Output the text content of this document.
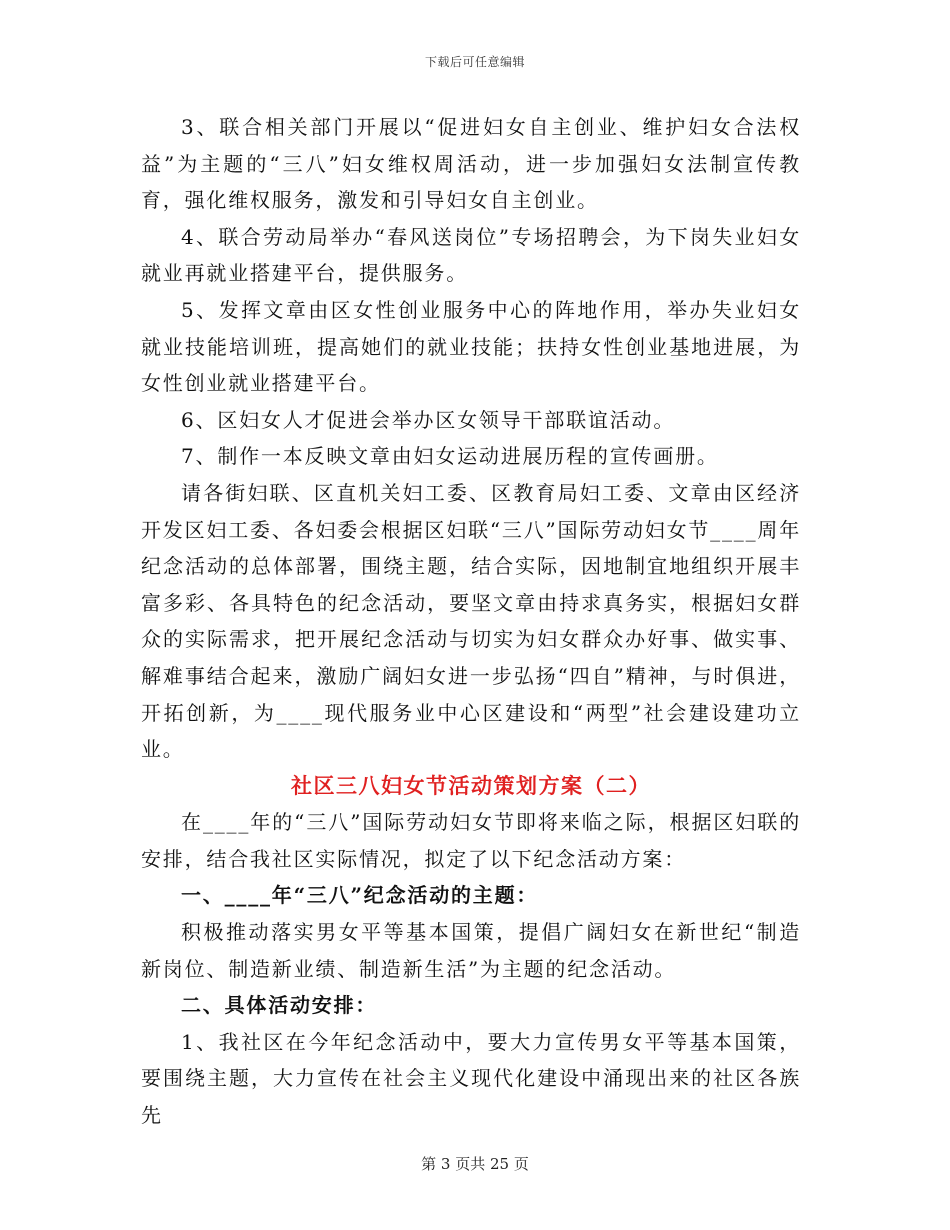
下载后可任意编辑

3、联合相关部门开展以“促进妇女自主创业、维护妇女合法权益”为主题的“三八”妇女维权周活动，进一步加强妇女法制宣传教育，强化维权服务，激发和引导妇女自主创业。

4、联合劳动局举办“春风送岗位”专场招聘会，为下岗失业妇女就业再就业搭建平台，提供服务。

5、发挥文章由区女性创业服务中心的阵地作用，举办失业妇女就业技能培训班，提高她们的就业技能；扶持女性创业基地进展，为女性创业就业搭建平台。

6、区妇女人才促进会举办区女领导干部联谊活动。

7、制作一本反映文章由妇女运动进展历程的宣传画册。

请各街妇联、区直机关妇工委、区教育局妇工委、文章由区经济开发区妇工委、各妇委会根据区妇联“三八”国际劳动妇女节____周年纪念活动的总体部署，围绕主题，结合实际，因地制宜地组织开展丰富多彩、各具特色的纪念活动，要坚文章由持求真务实，根据妇女群众的实际需求，把开展纪念活动与切实为妇女群众办好事、做实事、解难事结合起来，激励广阔妇女进一步弘扬“四自”精神，与时俱进，开拓创新，为____现代服务业中心区建设和“两型”社会建设建功立业。

社区三八妇女节活动策划方案（二）

在____年的“三八”国际劳动妇女节即将来临之际，根据区妇联的安排，结合我社区实际情况，拟定了以下纪念活动方案：

一、____年“三八”纪念活动的主题：

积极推动落实男女平等基本国策，提倡广阔妇女在新世纪“制造新岗位、制造新业绩、制造新生活”为主题的纪念活动。

二、具体活动安排：

1、我社区在今年纪念活动中，要大力宣传男女平等基本国策，要围绕主题，大力宣传在社会主义现代化建设中涌现出来的社区各族先

第 3 页共 25 页
